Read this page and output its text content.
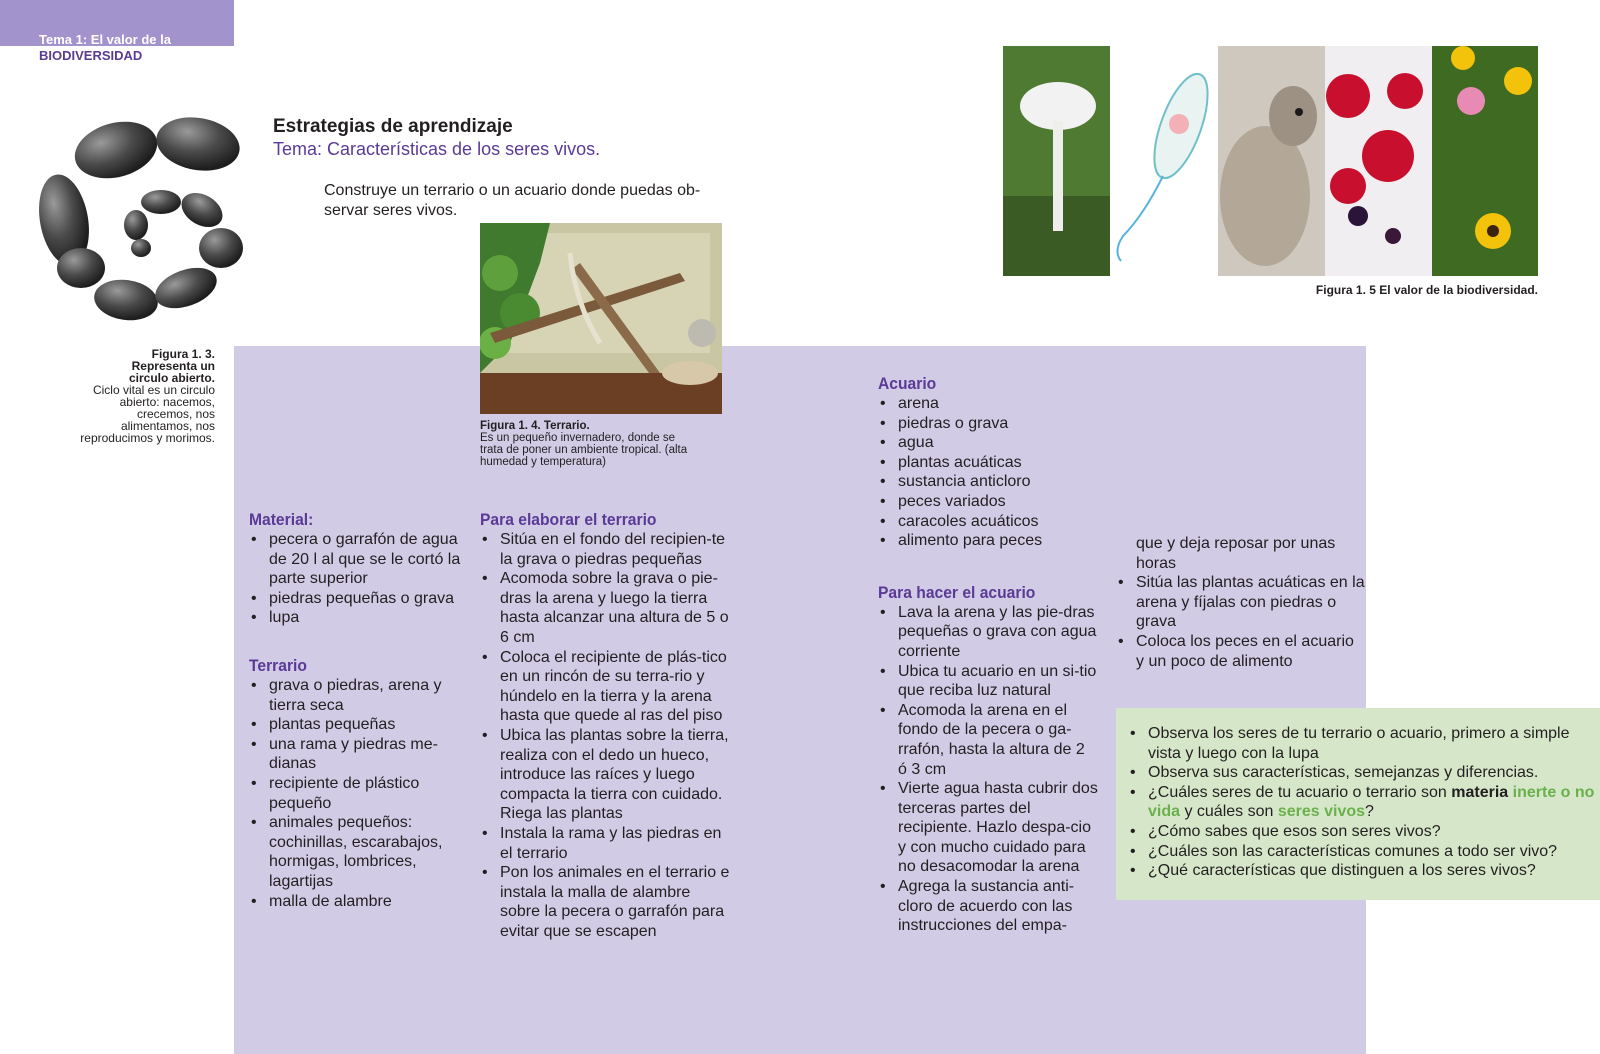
Tema 1: El valor de la
BIODIVERSIDAD
Figura 1. 3.
Representa un
circulo abierto.
Ciclo vital es un circulo
abierto: nacemos,
crecemos, nos
alimentamos, nos
reproducimos y morimos.
Estrategias de aprendizaje
Tema: Características de los seres vivos.
Construye un terrario o un acuario donde puedas ob-
servar seres vivos.
Figura 1. 4. Terrario.
Es un pequeño invernadero, donde se
trata de poner un ambiente tropical. (alta
humedad y temperatura)
Figura 1. 5 El valor de la biodiversidad.
Material:
• pecera o garrafón de agua de 20 l al que se le cortó la parte superior
• piedras pequeñas o grava
• lupa
Terrario
• grava o piedras, arena y tierra seca
• plantas pequeñas
• una rama y piedras me-dianas
• recipiente de plástico pequeño
• animales pequeños: cochinillas, escarabajos, hormigas, lombrices, lagartijas
• malla de alambre
Para elaborar el terrario
• Sitúa en el fondo del recipien-te la grava o piedras pequeñas
• Acomoda sobre la grava o pie-dras la arena y luego la tierra hasta alcanzar una altura de 5 o 6 cm
• Coloca el recipiente de plás-tico en un rincón de su terra-rio y húndelo en la tierra y la arena hasta que quede al ras del piso
• Ubica las plantas sobre la tierra, realiza con el dedo un hueco, introduce las raíces y luego compacta la tierra con cuidado. Riega las plantas
• Instala la rama y las piedras en el terrario
• Pon los animales en el terrario e instala la malla de alambre sobre la pecera o garrafón para evitar que se escapen
Acuario
• arena
• piedras o grava
• agua
• plantas acuáticas
• sustancia anticloro
• peces variados
• caracoles acuáticos
• alimento para peces
Para hacer el acuario
• Lava la arena y las pie-dras pequeñas o grava con agua corriente
• Ubica tu acuario en un si-tio que reciba luz natural
• Acomoda la arena en el fondo de la pecera o ga-rrafón, hasta la altura de 2 ó 3 cm
• Vierte agua hasta cubrir dos terceras partes del recipiente. Hazlo despa-cio y con mucho cuidado para no desacomodar la arena
• Agrega la sustancia anti-cloro de acuerdo con las instrucciones del empa-
que y deja reposar por unas horas
• Sitúa las plantas acuáticas en la arena y fíjalas con piedras o grava
• Coloca los peces en el acuario y un poco de alimento
• Observa los seres de tu terrario o acuario, primero a simple vista y luego con la lupa
• Observa sus características, semejanzas y diferencias.
• ¿Cuáles seres de tu acuario o terrario son materia inerte o no vida y cuáles son seres vivos?
• ¿Cómo sabes que esos son seres vivos?
• ¿Cuáles son las características comunes a todo ser vivo?
• ¿Qué características que distinguen a los seres vivos?
